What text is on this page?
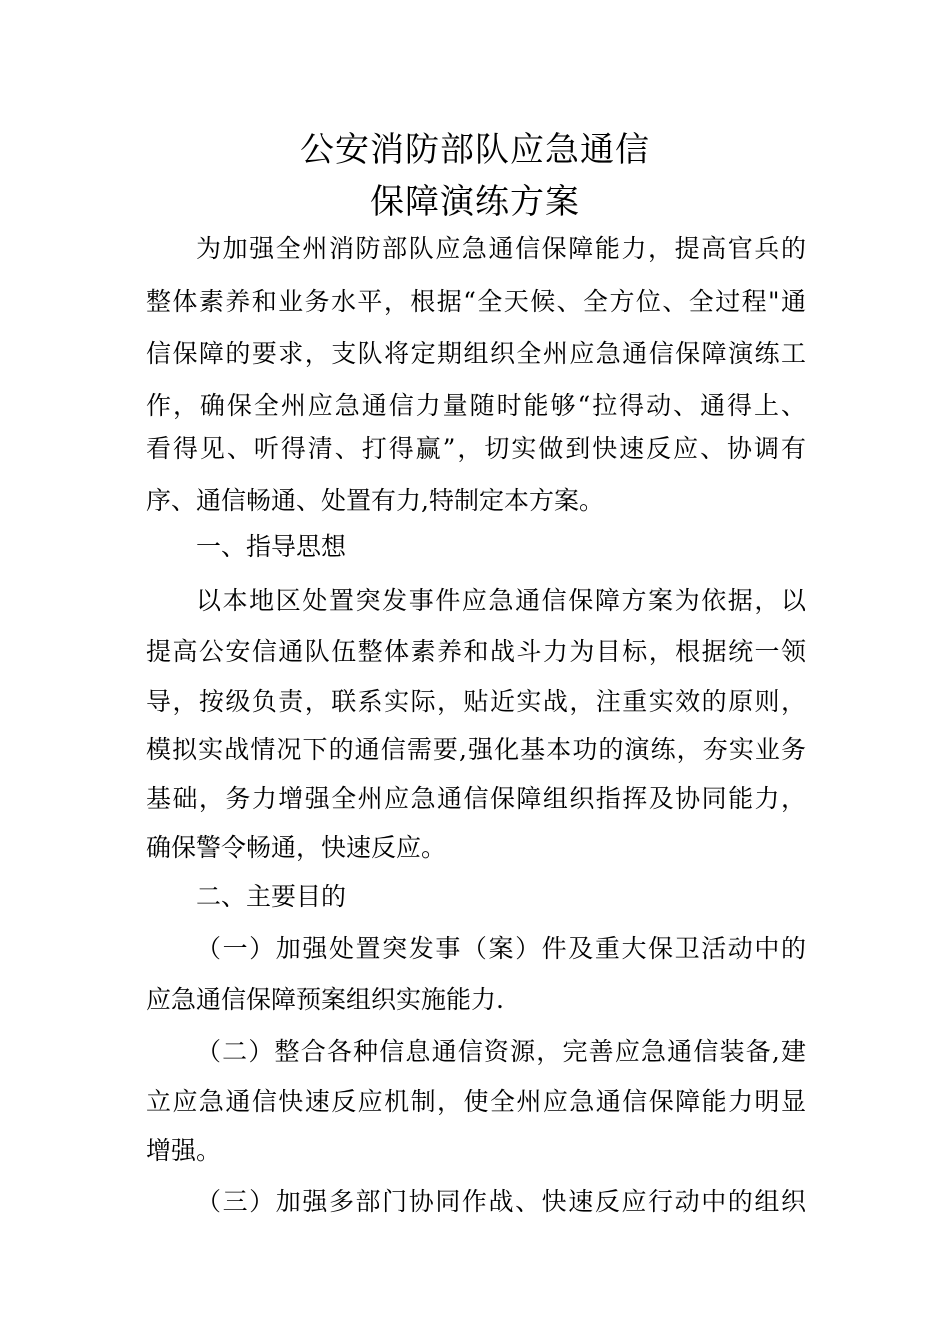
公安消防部队应急通信
保障演练方案
为加强全州消防部队应急通信保障能力，提高官兵的
整体素养和业务水平，根据“全天候、全方位、全过程"通
信保障的要求，支队将定期组织全州应急通信保障演练工
作，确保全州应急通信力量随时能够“拉得动、通得上、
看得见、听得清、打得赢”，切实做到快速反应、协调有
序、通信畅通、处置有力,特制定本方案。
一、指导思想
以本地区处置突发事件应急通信保障方案为依据，以
提高公安信通队伍整体素养和战斗力为目标，根据统一领
导，按级负责，联系实际，贴近实战，注重实效的原则，
模拟实战情况下的通信需要,强化基本功的演练，夯实业务
基础，务力增强全州应急通信保障组织指挥及协同能力，
确保警令畅通，快速反应。
二、主要目的
（一）加强处置突发事（案）件及重大保卫活动中的
应急通信保障预案组织实施能力.
（二）整合各种信息通信资源，完善应急通信装备,建
立应急通信快速反应机制，使全州应急通信保障能力明显
增强。
（三）加强多部门协同作战、快速反应行动中的组织
